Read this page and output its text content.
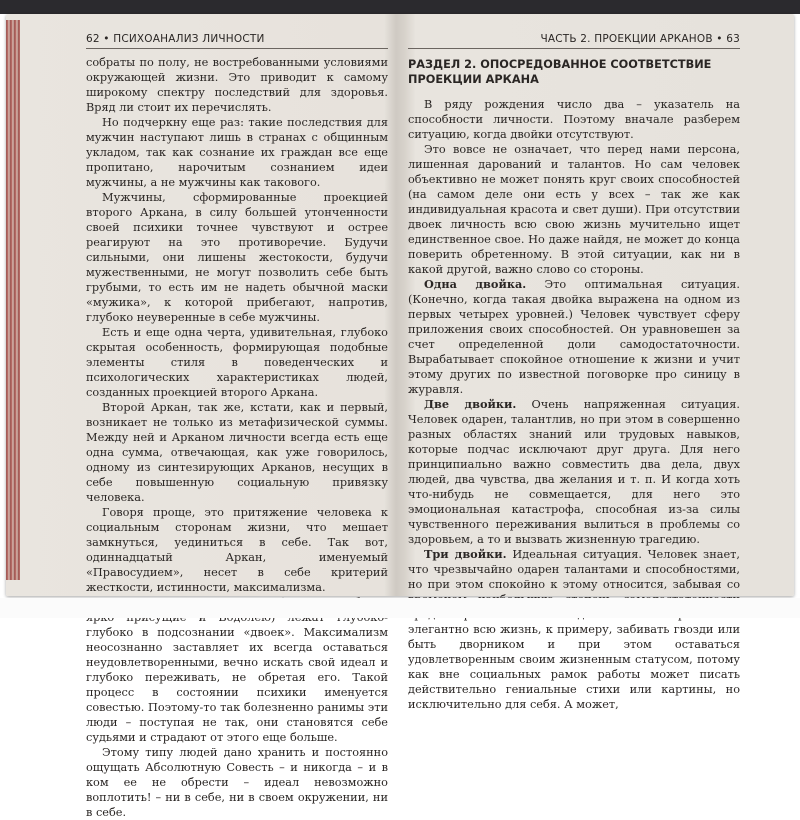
62 • ПСИХОАНАЛИЗ ЛИЧНОСТИ

собраты по полу, не востребованными условиями окружающей жизни. Это приводит к самому широкому спектру последствий для здоровья. Вряд ли стоит их перечислять.

Но подчеркну еще раз: такие последствия для мужчин наступают лишь в странах с общинным укладом, так как сознание их граждан все еще пропитано, нарочитым сознанием идеи мужчины, а не мужчины как такового.

Мужчины, сформированные проекцией второго Аркана, в силу большей утонченности своей психики точнее чувствуют и острее реагируют на это противоречие. Будучи сильными, они лишены жестокости, будучи мужественными, не могут позволить себе быть грубыми, то есть им не надеть обычной маски «мужика», к которой прибегают, напротив, глубоко неуверенные в себе мужчины.

Есть и еще одна черта, удивительная, глубоко скрытая особенность, формирующая подобные элементы стиля в поведенческих и психологических характеристиках людей, созданных проекцией второго Аркана.

Второй Аркан, так же, кстати, как и первый, возникает не только из метафизической суммы. Между ней и Арканом личности всегда есть еще одна сумма, отвечающая, как уже говорилось, одному из синтезирующих Арканов, несущих в себе повышенную социальную привязку человека.

Говоря проще, это притяжение человека к социальным сторонам жизни, что мешает замкнуться, уединиться в себе. Так вот, одиннадцатый Аркан, именуемый «Правосудием», несет в себе критерий жесткости, истинности, максимализма.

глубоко в подсознании «двоек». Максимализм неосознанно заставляет их всегда оставаться неудовлетворенными, вечно искать свой идеал и глубоко переживать, не обретая его. Такой процесс в состоянии психики именуется совестью. Поэтому-то так болезненно ранимы эти люди – поступая не так, они становятся себе судьями и страдают от этого еще больше.

Этому типу людей дано хранить и постоянно ощущать Абсолютную Совесть – и никогда – и в ком ее не обрести – идеал невозможно воплотить! – ни в себе, ни в своем окружении, ни в себе.

ЧАСТЬ 2. ПРОЕКЦИИ АРКАНОВ • 63
РАЗДЕЛ 2. ОПОСРЕДОВАННОЕ СООТВЕТСТВИЕ
ПРОЕКЦИИ АРКАНА

В ряду рождения число два – указатель на способности личности. Поэтому вначале разберем ситуацию, когда двойки отсутствуют.

Это вовсе не означает, что перед нами персона, лишенная дарований и талантов. Но сам человек объективно не может понять круг своих способностей (на самом деле они есть у всех – так же как индивидуальная красота и свет души). При отсутствии двоек личность всю свою жизнь мучительно ищет единственное свое. Но даже найдя, не может до конца поверить обретенному. В этой ситуации, как ни в какой другой, важно слово со стороны.

Одна двойка. Это оптимальная ситуация. (Конечно, когда такая двойка выражена на одном из первых четырех уровней.) Человек чувствует сферу приложения своих способностей. Он уравновешен за счет определенной доли самодостаточности. Вырабатывает спокойное отношение к жизни и учит этому других по известной поговорке про синицу в журавля.

Две двойки. Очень напряженная ситуация. Человек одарен, талантлив, но при этом в совершенно разных областях знаний или трудовых навыков, которые подчас исключают друг друга. Для него принципиально важно совместить два дела, двух людей, два чувства, два желания и т. п. И когда хоть что-нибудь не совмещается, для него это эмоциональная катастрофа, способная из-за силы чувственного переживания вылиться в проблемы со здоровьем, а то и вызвать жизненную трагедию.

Три двойки. Идеальная ситуация. Человек знает, что чрезвычайно одарен талантами и способностями, но при этом спокойно к этому относится, забывая со элегантно всю жизнь, к примеру, забивать гвозди или быть дворником и при этом оставаться удовлетворенным своим жизненным статусом, потому как вне социальных рамок работы может писать действительно гениальные стихи или картины, но исключительно для себя. А может,
